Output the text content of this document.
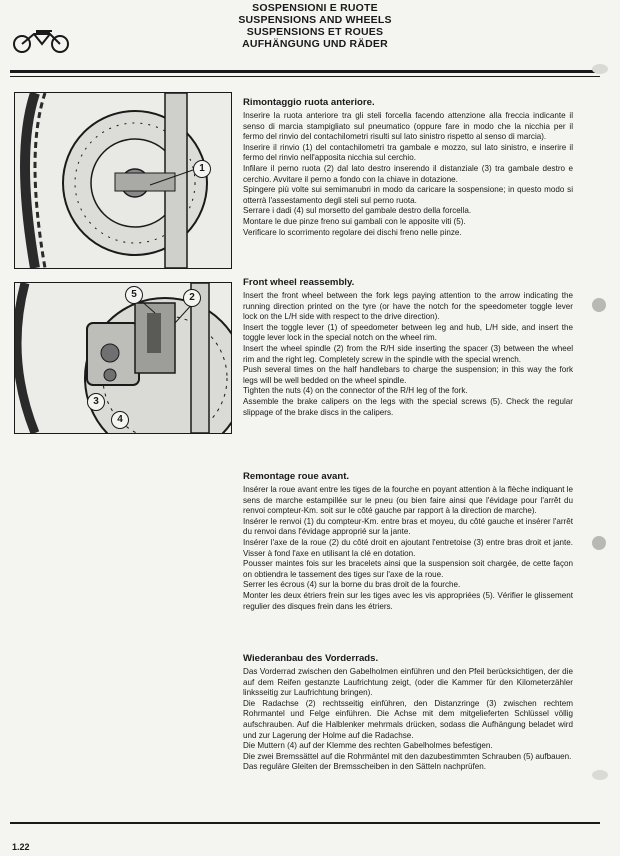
SOSPENSIONI E RUOTE
SUSPENSIONS AND WHEELS
SUSPENSIONS ET ROUES
AUFHÄNGUNG UND RÄDER
1
5	2
3
4
Rimontaggio ruota anteriore.

Inserire la ruota anteriore tra gli steli forcella facendo attenzione alla freccia indicante il senso di marcia stampigliato sul pneumatico (oppure fare in modo che la nicchia per il fermo del rinvio del contachilometri risulti sul lato sinistro rispetto al senso di marcia).

Inserire il rinvio (1) del contachilometri tra gambale e mozzo, sul lato sinistro, e inserire il fermo del rinvio nell'apposita nicchia sul cerchio.

Infilare il perno ruota (2) dal lato destro inserendo il distanziale (3) tra gambale destro e cerchio. Avvitare il perno a fondo con la chiave in dotazione.

Spingere più volte sui semimanubri in modo da caricare la sospensione; in questo modo si otterrà l'assestamento degli steli sul perno ruota.

Serrare i dadi (4) sul morsetto del gambale destro della forcella.

Montare le due pinze freno sui gambali con le apposite viti (5).

Verificare lo scorrimento regolare dei dischi freno nelle pinze.

Front wheel reassembly.

Insert the front wheel between the fork legs paying attention to the arrow indicating the running direction printed on the tyre (or have the notch for the speedometer toggle lever lock on the L/H side with respect to the drive direction).

Insert the toggle lever (1) of speedometer between leg and hub, L/H side, and insert the toggle lever lock in the special notch on the wheel rim.

Insert the wheel spindle (2) from the R/H side inserting the spacer (3) between the wheel rim and the right leg. Completely screw in the spindle with the special wrench.

Push several times on the half handlebars to charge the suspension; in this way the fork legs will be well bedded on the wheel spindle.

Tighten the nuts (4) on the connector of the R/H leg of the fork.

Assemble the brake calipers on the legs with the special screws (5). Check the regular slippage of the brake discs in the calipers.

Remontage roue avant.

Insérer la roue avant entre les tiges de la fourche en poyant attention à la flèche indiquant le sens de marche estampillée sur le pneu (ou bien faire ainsi que l'évidage pour l'arrêt du renvoi compteur-Km. soit sur le côté gauche par rapport à la direction de marche).

Insérer le renvoi (1) du compteur-Km. entre bras et moyeu, du côté gauche et insérer l'arrêt du renvoi dans l'évidage approprié sur la jante.

Insérer l'axe de la roue (2) du côté droit en ajoutant l'entretoise (3) entre bras droit et jante. Visser à fond l'axe en utilisant la clé en dotation.

Pousser maintes fois sur les bracelets ainsi que la suspension soit chargée, de cette façon on obtiendra le tassement des tiges sur l'axe de la roue.

Serrer les écrous (4) sur la borne du bras droit de la fourche.

Monter les deux étriers frein sur les tiges avec les vis appropriées (5). Vérifier le glissement regulier des disques frein dans les étriers.

Wiederanbau des Vorderrads.

Das Vorderrad zwischen den Gabelholmen einführen und den Pfeil berücksichtigen, der die auf dem Reifen gestanzte Laufrichtung zeigt, (oder die Kammer für den Kilometerzähler linksseitig zur Laufrichtung bringen).

Die Radachse (2) rechtsseitig einführen, den Distanzringe (3) zwischen rechtem Rohrmantel und Felge einführen. Die Achse mit dem mitgelieferten Schlüssel völlig aufschrauben. Auf die Halblenker mehrmals drücken, sodass die Aufhängung beladet wird und zur Lagerung der Holme auf die Radachse.

Die Muttern (4) auf der Klemme des rechten Gabelholmes befestigen.

Die zwei Bremssättel auf die Rohrmäntel mit den dazubestimmten Schrauben (5) aufbauen.

Das reguläre Gleiten der Bremsscheiben in den Sätteln nachprüfen.

1.22
